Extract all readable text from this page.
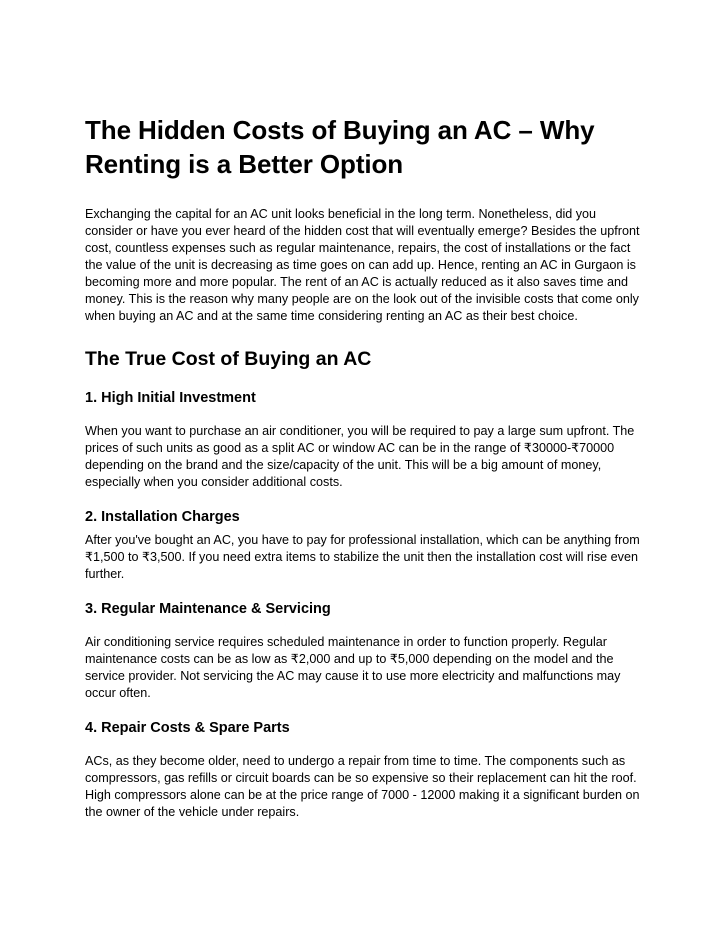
The Hidden Costs of Buying an AC – Why Renting is a Better Option

Exchanging the capital for an AC unit looks beneficial in the long term. Nonetheless, did you consider or have you ever heard of the hidden cost that will eventually emerge? Besides the upfront cost, countless expenses such as regular maintenance, repairs, the cost of installations or the fact the value of the unit is decreasing as time goes on can add up. Hence, renting an AC in Gurgaon is becoming more and more popular. The rent of an AC is actually reduced as it also saves time and money. This is the reason why many people are on the look out of the invisible costs that come only when buying an AC and at the same time considering renting an AC as their best choice.

The True Cost of Buying an AC
1. High Initial Investment

When you want to purchase an air conditioner, you will be required to pay a large sum upfront. The prices of such units as good as a split AC or window AC can be in the range of ₹30000-₹70000 depending on the brand and the size/capacity of the unit. This will be a big amount of money, especially when you consider additional costs.

2. Installation Charges

After you've bought an AC, you have to pay for professional installation, which can be anything from ₹1,500 to ₹3,500. If you need extra items to stabilize the unit then the installation cost will rise even further.

3. Regular Maintenance & Servicing

Air conditioning service requires scheduled maintenance in order to function properly. Regular maintenance costs can be as low as ₹2,000 and up to ₹5,000 depending on the model and the service provider. Not servicing the AC may cause it to use more electricity and malfunctions may occur often.

4. Repair Costs & Spare Parts

ACs, as they become older, need to undergo a repair from time to time. The components such as compressors, gas refills or circuit boards can be so expensive so their replacement can hit the roof. High compressors alone can be at the price range of 7000 - 12000 making it a significant burden on the owner of the vehicle under repairs.
